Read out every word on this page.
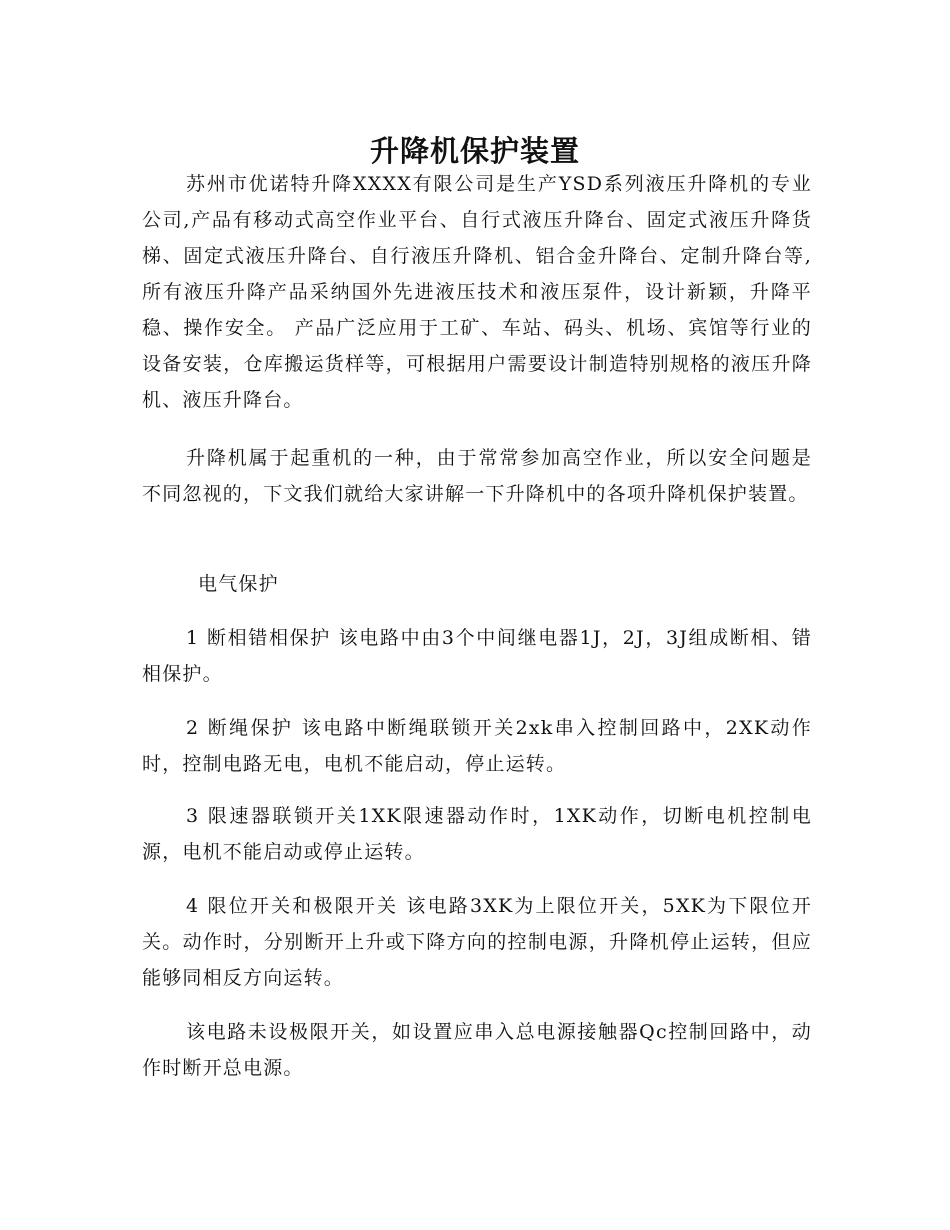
升降机保护装置

苏州市优诺特升降XXXX有限公司是生产YSD系列液压升降机的专业公司,产品有移动式高空作业平台、自行式液压升降台、固定式液压升降货梯、固定式液压升降台、自行液压升降机、铝合金升降台、定制升降台等,所有液压升降产品采纳国外先进液压技术和液压泵件，设计新颖，升降平稳、操作安全。 产品广泛应用于工矿、车站、码头、机场、宾馆等行业的设备安装，仓库搬运货样等，可根据用户需要设计制造特别规格的液压升降机、液压升降台。

升降机属于起重机的一种，由于常常参加高空作业，所以安全问题是不同忽视的，下文我们就给大家讲解一下升降机中的各项升降机保护装置。

电气保护

1 断相错相保护 该电路中由3个中间继电器1J，2J，3J组成断相、错相保护。

2 断绳保护 该电路中断绳联锁开关2xk串入控制回路中，2XK动作时，控制电路无电，电机不能启动，停止运转。

3 限速器联锁开关1XK限速器动作时，1XK动作，切断电机控制电源，电机不能启动或停止运转。

4 限位开关和极限开关 该电路3XK为上限位开关，5XK为下限位开关。动作时，分别断开上升或下降方向的控制电源，升降机停止运转，但应能够同相反方向运转。

该电路未设极限开关，如设置应串入总电源接触器Qc控制回路中，动作时断开总电源。
